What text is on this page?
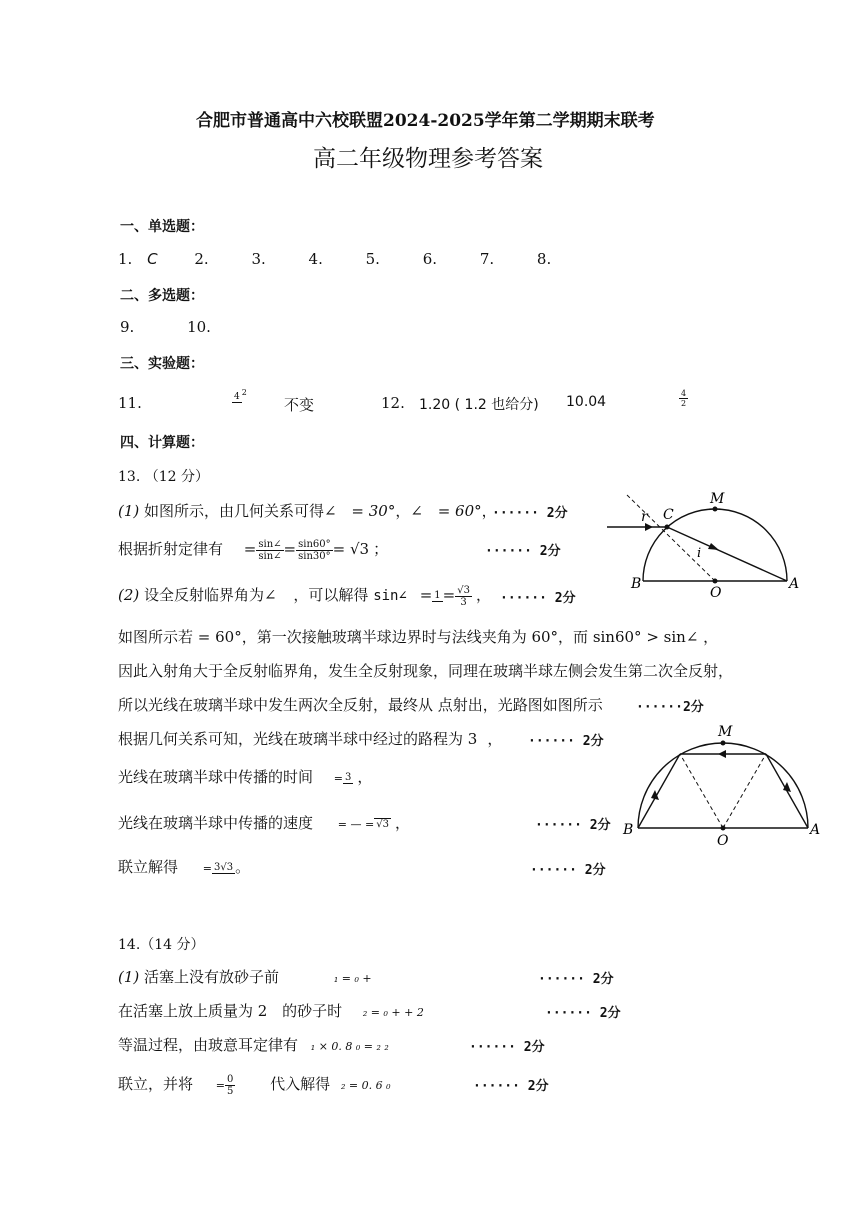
合肥市普通高中六校联盟2024-2025学年第二学期期末联考
高二年级物理参考答案
一、单选题：
1. C 2.	3.	4.	5.	6.	7.	8.
二、多选题：
9.	10.
三、实验题：
11.	4 $^2$
不变	12. 1.20 ( 1.2 也给分) 10.04	$\frac{4}{2}$
四、计算题：
13. （12 分）
(1) 如图所示，由几何关系可得∠ = 30°，∠ = 60°，
······ 2分
根据折射定律有 = $\frac{\sin\angle}{\sin\angle} = \frac{\sin 60^\circ}{\sin 30^\circ} = √3$ ；	······ 2分
(2) 设全反射临界角为∠ ，可以解得 sin∠ = $1 = \frac{√3}{3}$ ， ······ 2分
如图所示若 = 60°，第一次接触玻璃半球边界时与法线夹角为 60°，而 sin60° > sin∠ ，
因此入射角大于全反射临界角，发生全反射现象，同理在玻璃半球左侧会发生第二次全反射，
所以光线在玻璃半球中发生两次全反射，最终从 点射出，光路图如图所示	······2分
根据几何关系可知，光线在玻璃半球中经过的路程为 3 ， ······ 2分
光线在玻璃半球中传播的时间 = 3 ，
光线在玻璃半球中传播的速度 = — = √3 ，	······ 2分
联立解得 = 3√3 。	······ 2分
r C
M
i
B
O
A
M
B
O
A
14.（14 分）
(1) 活塞上没有放砂子前	₁ = ₀ +	······ 2分
在活塞上放上质量为 2 的砂子时 ₂ = ₀ + + 2	······ 2分
等温过程，由玻意耳定律有 ₁ × 0. 8 ₀ = ₂ ₂	······ 2分
联立，并将 = $\frac{0}{5}$ 代入解得 ₂ = 0. 6 ₀	······ 2分
